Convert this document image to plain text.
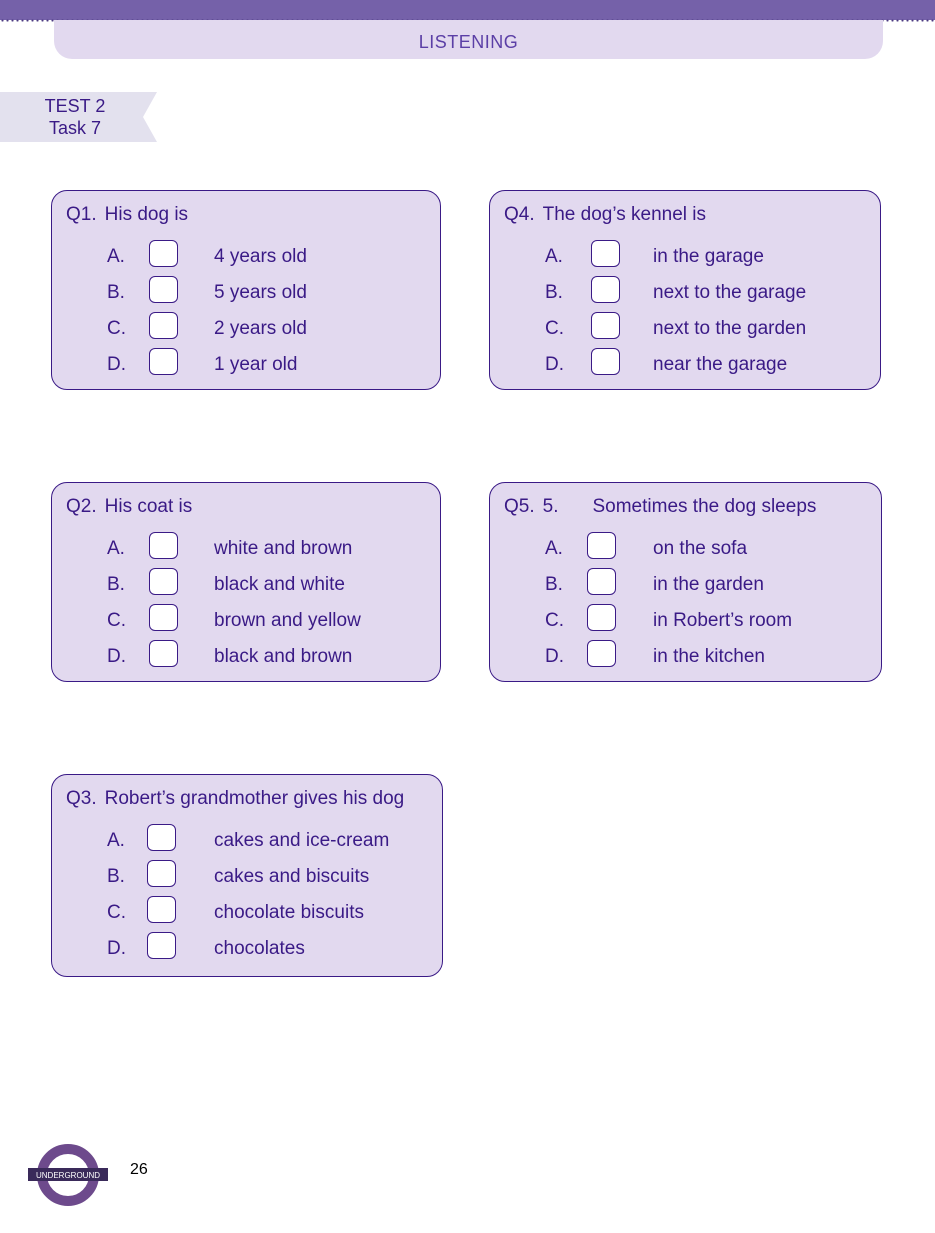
LISTENING
TEST 2
Task 7
Q1. His dog is
A.	4 years old
B.	5 years old
C.	2 years old
D.	1 year old
Q4. The dog’s kennel is
A.	in the garage
B.	next to the garage
C.	next to the garden
D.	near the garage
Q2. His coat is
A.	white and brown
B.	black and white
C.	brown and yellow
D.	black and brown
Q5. 5. Sometimes the dog sleeps
A.	on the sofa
B.	in the garden
C.	in Robert’s room
D.	in the kitchen
Q3. Robert’s grandmother gives his dog
A.	cakes and ice-cream
B.	cakes and biscuits
C.	chocolate biscuits
D.	chocolates
UNDERGROUND 26
